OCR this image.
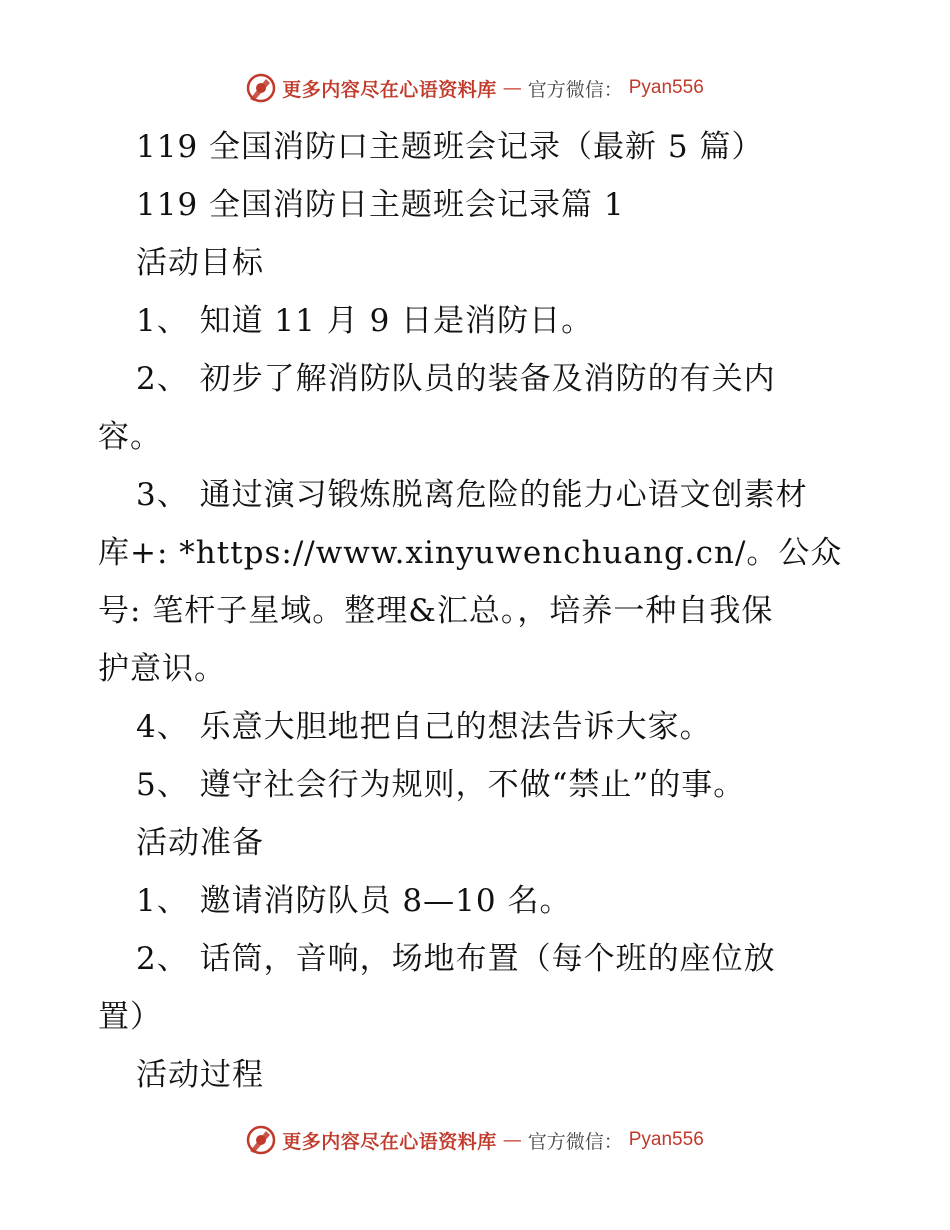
更多内容尽在心语资料库 — 官方微信： Pyan556
119 全国消防口主题班会记录（最新 5 篇）
119 全国消防日主题班会记录篇 1
活动目标
1、 知道 11 月 9 日是消防日。
2、 初步了解消防队员的装备及消防的有关内
容。
3、 通过演习锻炼脱离危险的能力心语文创素材
库+: *https://www.xinyuwenchuang.cn/。公众
号: 笔杆子星域。整理&汇总。，培养一种自我保
护意识。
4、 乐意大胆地把自己的想法告诉大家。
5、 遵守社会行为规则，不做“禁止”的事。
活动准备
1、 邀请消防队员 8—10 名。
2、 话筒，音响，场地布置（每个班的座位放
置）
活动过程
更多内容尽在心语资料库 — 官方微信： Pyan556
